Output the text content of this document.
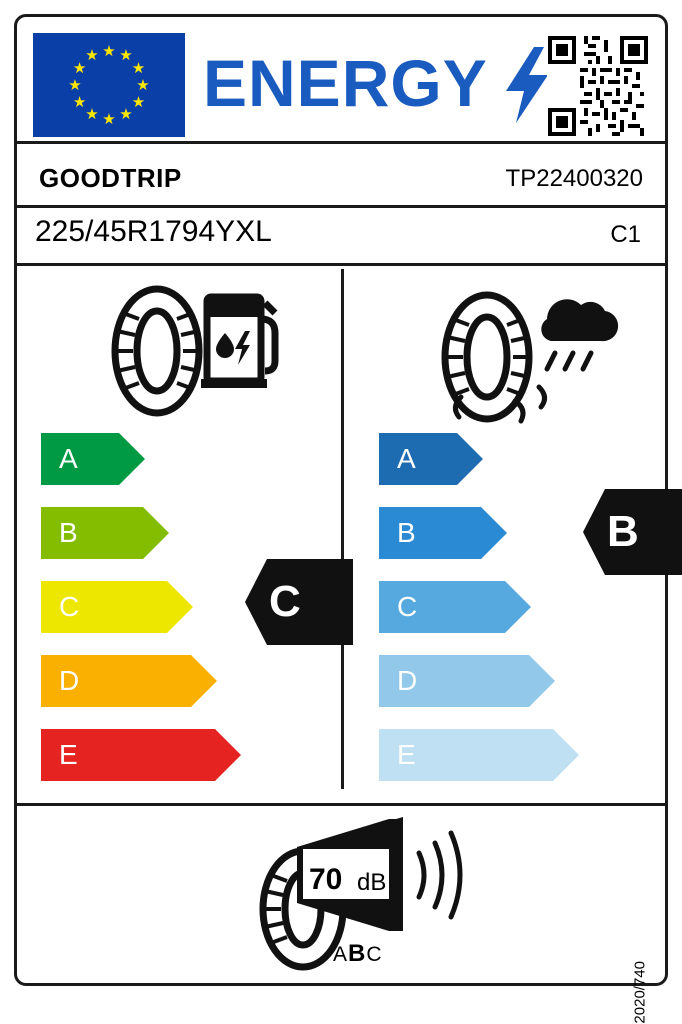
★ ★
★
★
★
★
★
★
★
★
★
★ ENERGY
GOODTRIP	TP22400320
225/45R1794YXL	C1
A
B
C
D
E
C
A
B
C
D
E
B
70 dB
ABC
2020/740
